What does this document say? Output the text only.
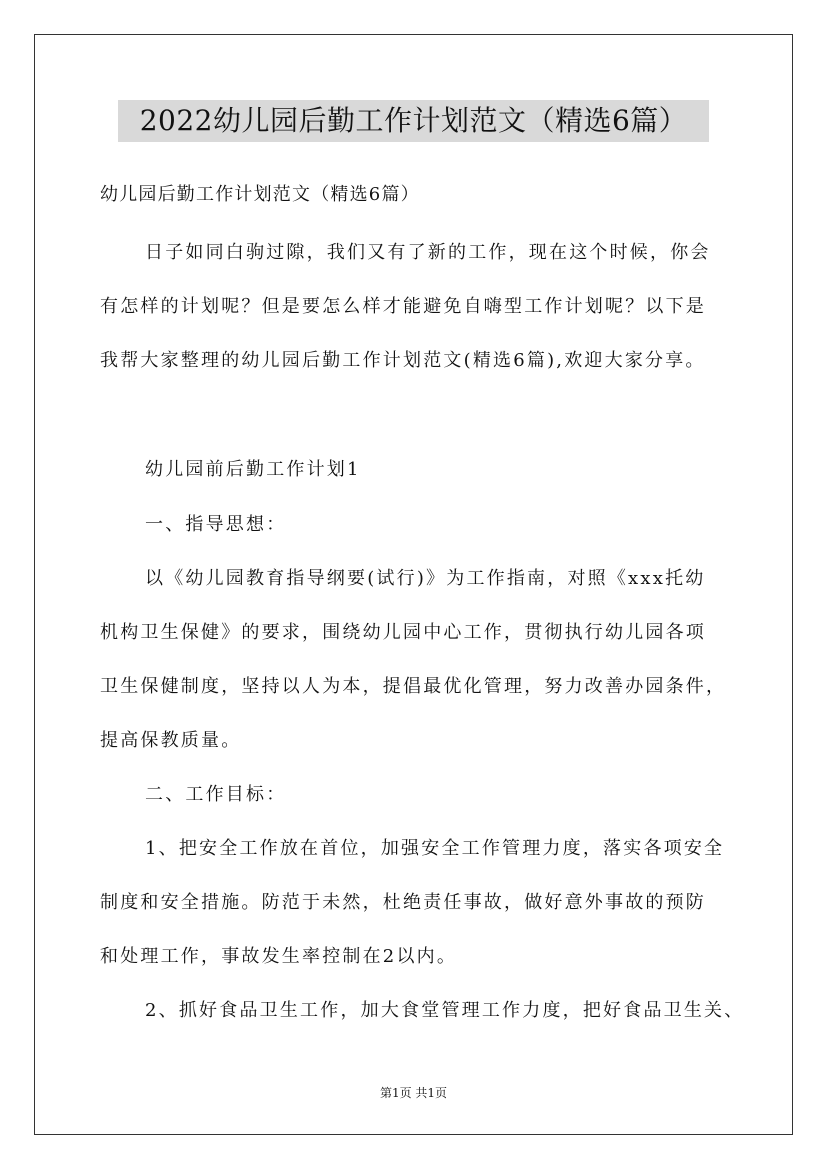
2022幼儿园后勤工作计划范文（精选6篇）
幼儿园后勤工作计划范文（精选6篇）
日子如同白驹过隙，我们又有了新的工作，现在这个时候，你会
有怎样的计划呢？但是要怎么样才能避免自嗨型工作计划呢？以下是
我帮大家整理的幼儿园后勤工作计划范文(精选6篇),欢迎大家分享。
幼儿园前后勤工作计划1
一、指导思想：
以《幼儿园教育指导纲要(试行)》为工作指南，对照《xxx托幼
机构卫生保健》的要求，围绕幼儿园中心工作，贯彻执行幼儿园各项
卫生保健制度，坚持以人为本，提倡最优化管理，努力改善办园条件，
提高保教质量。
二、工作目标：
1、把安全工作放在首位，加强安全工作管理力度，落实各项安全
制度和安全措施。防范于未然，杜绝责任事故，做好意外事故的预防
和处理工作，事故发生率控制在2以内。
2、抓好食品卫生工作，加大食堂管理工作力度，把好食品卫生关、
第1页 共1页
